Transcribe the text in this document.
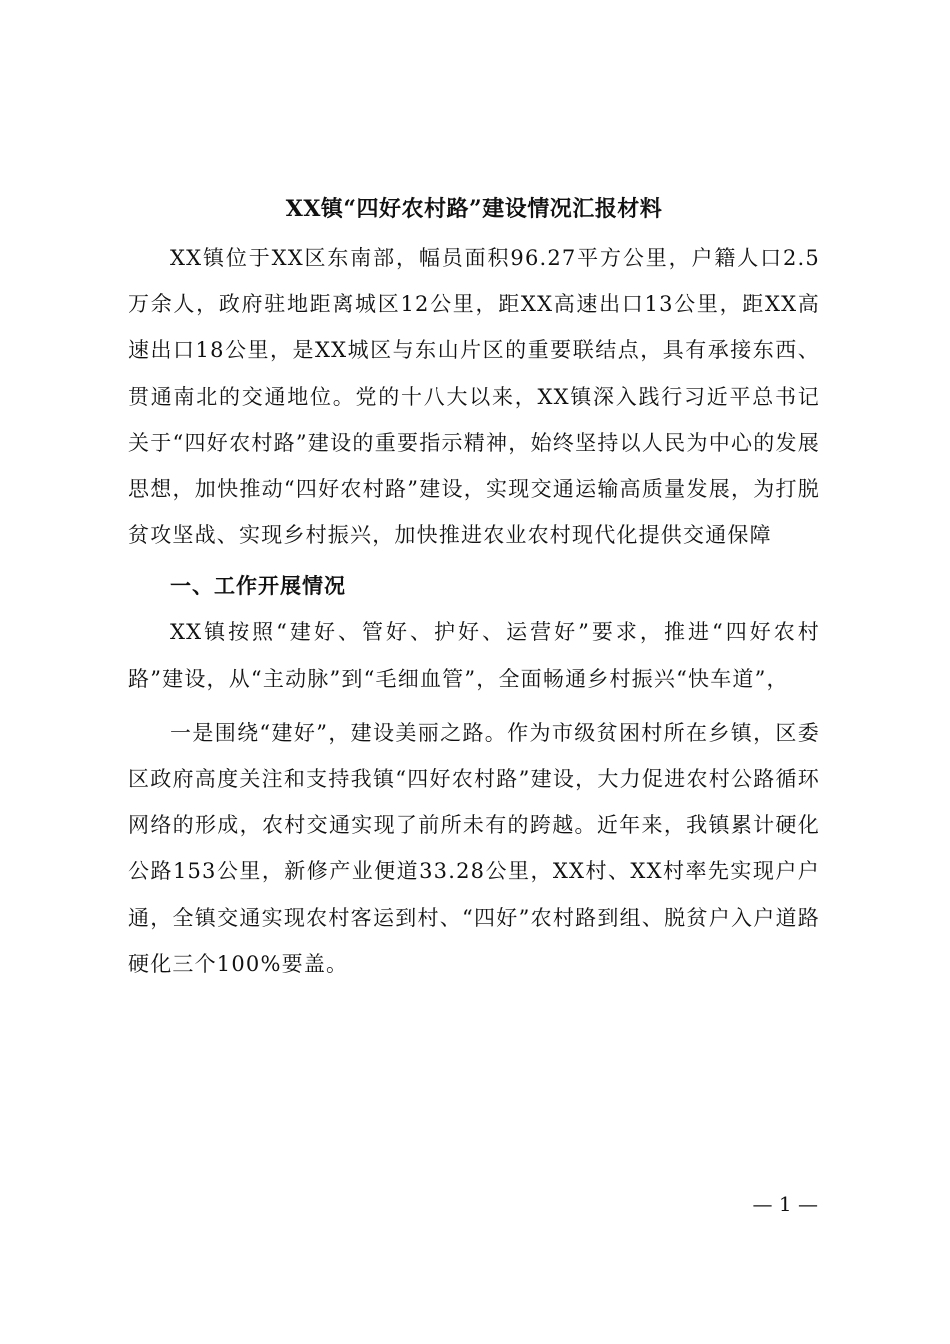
XX镇“四好农村路”建设情况汇报材料

XX镇位于XX区东南部，幅员面积96.27平方公里，户籍人口2.5万余人，政府驻地距离城区12公里，距XX高速出口13公里，距XX高速出口18公里，是XX城区与东山片区的重要联结点，具有承接东西、贯通南北的交通地位。党的十八大以来，XX镇深入践行习近平总书记关于“四好农村路”建设的重要指示精神，始终坚持以人民为中心的发展思想，加快推动“四好农村路”建设，实现交通运输高质量发展，为打脱贫攻坚战、实现乡村振兴，加快推进农业农村现代化提供交通保障

一、工作开展情况

XX镇按照“建好、管好、护好、运营好”要求，推进“四好农村路”建设，从“主动脉”到“毛细血管”，全面畅通乡村振兴“快车道”，

一是围绕“建好”，建设美丽之路。作为市级贫困村所在乡镇，区委区政府高度关注和支持我镇“四好农村路”建设，大力促进农村公路循环网络的形成，农村交通实现了前所未有的跨越。近年来，我镇累计硬化公路153公里，新修产业便道33.28公里，XX村、XX村率先实现户户通，全镇交通实现农村客运到村、“四好”农村路到组、脱贫户入户道路硬化三个100%要盖。

— 1 —
